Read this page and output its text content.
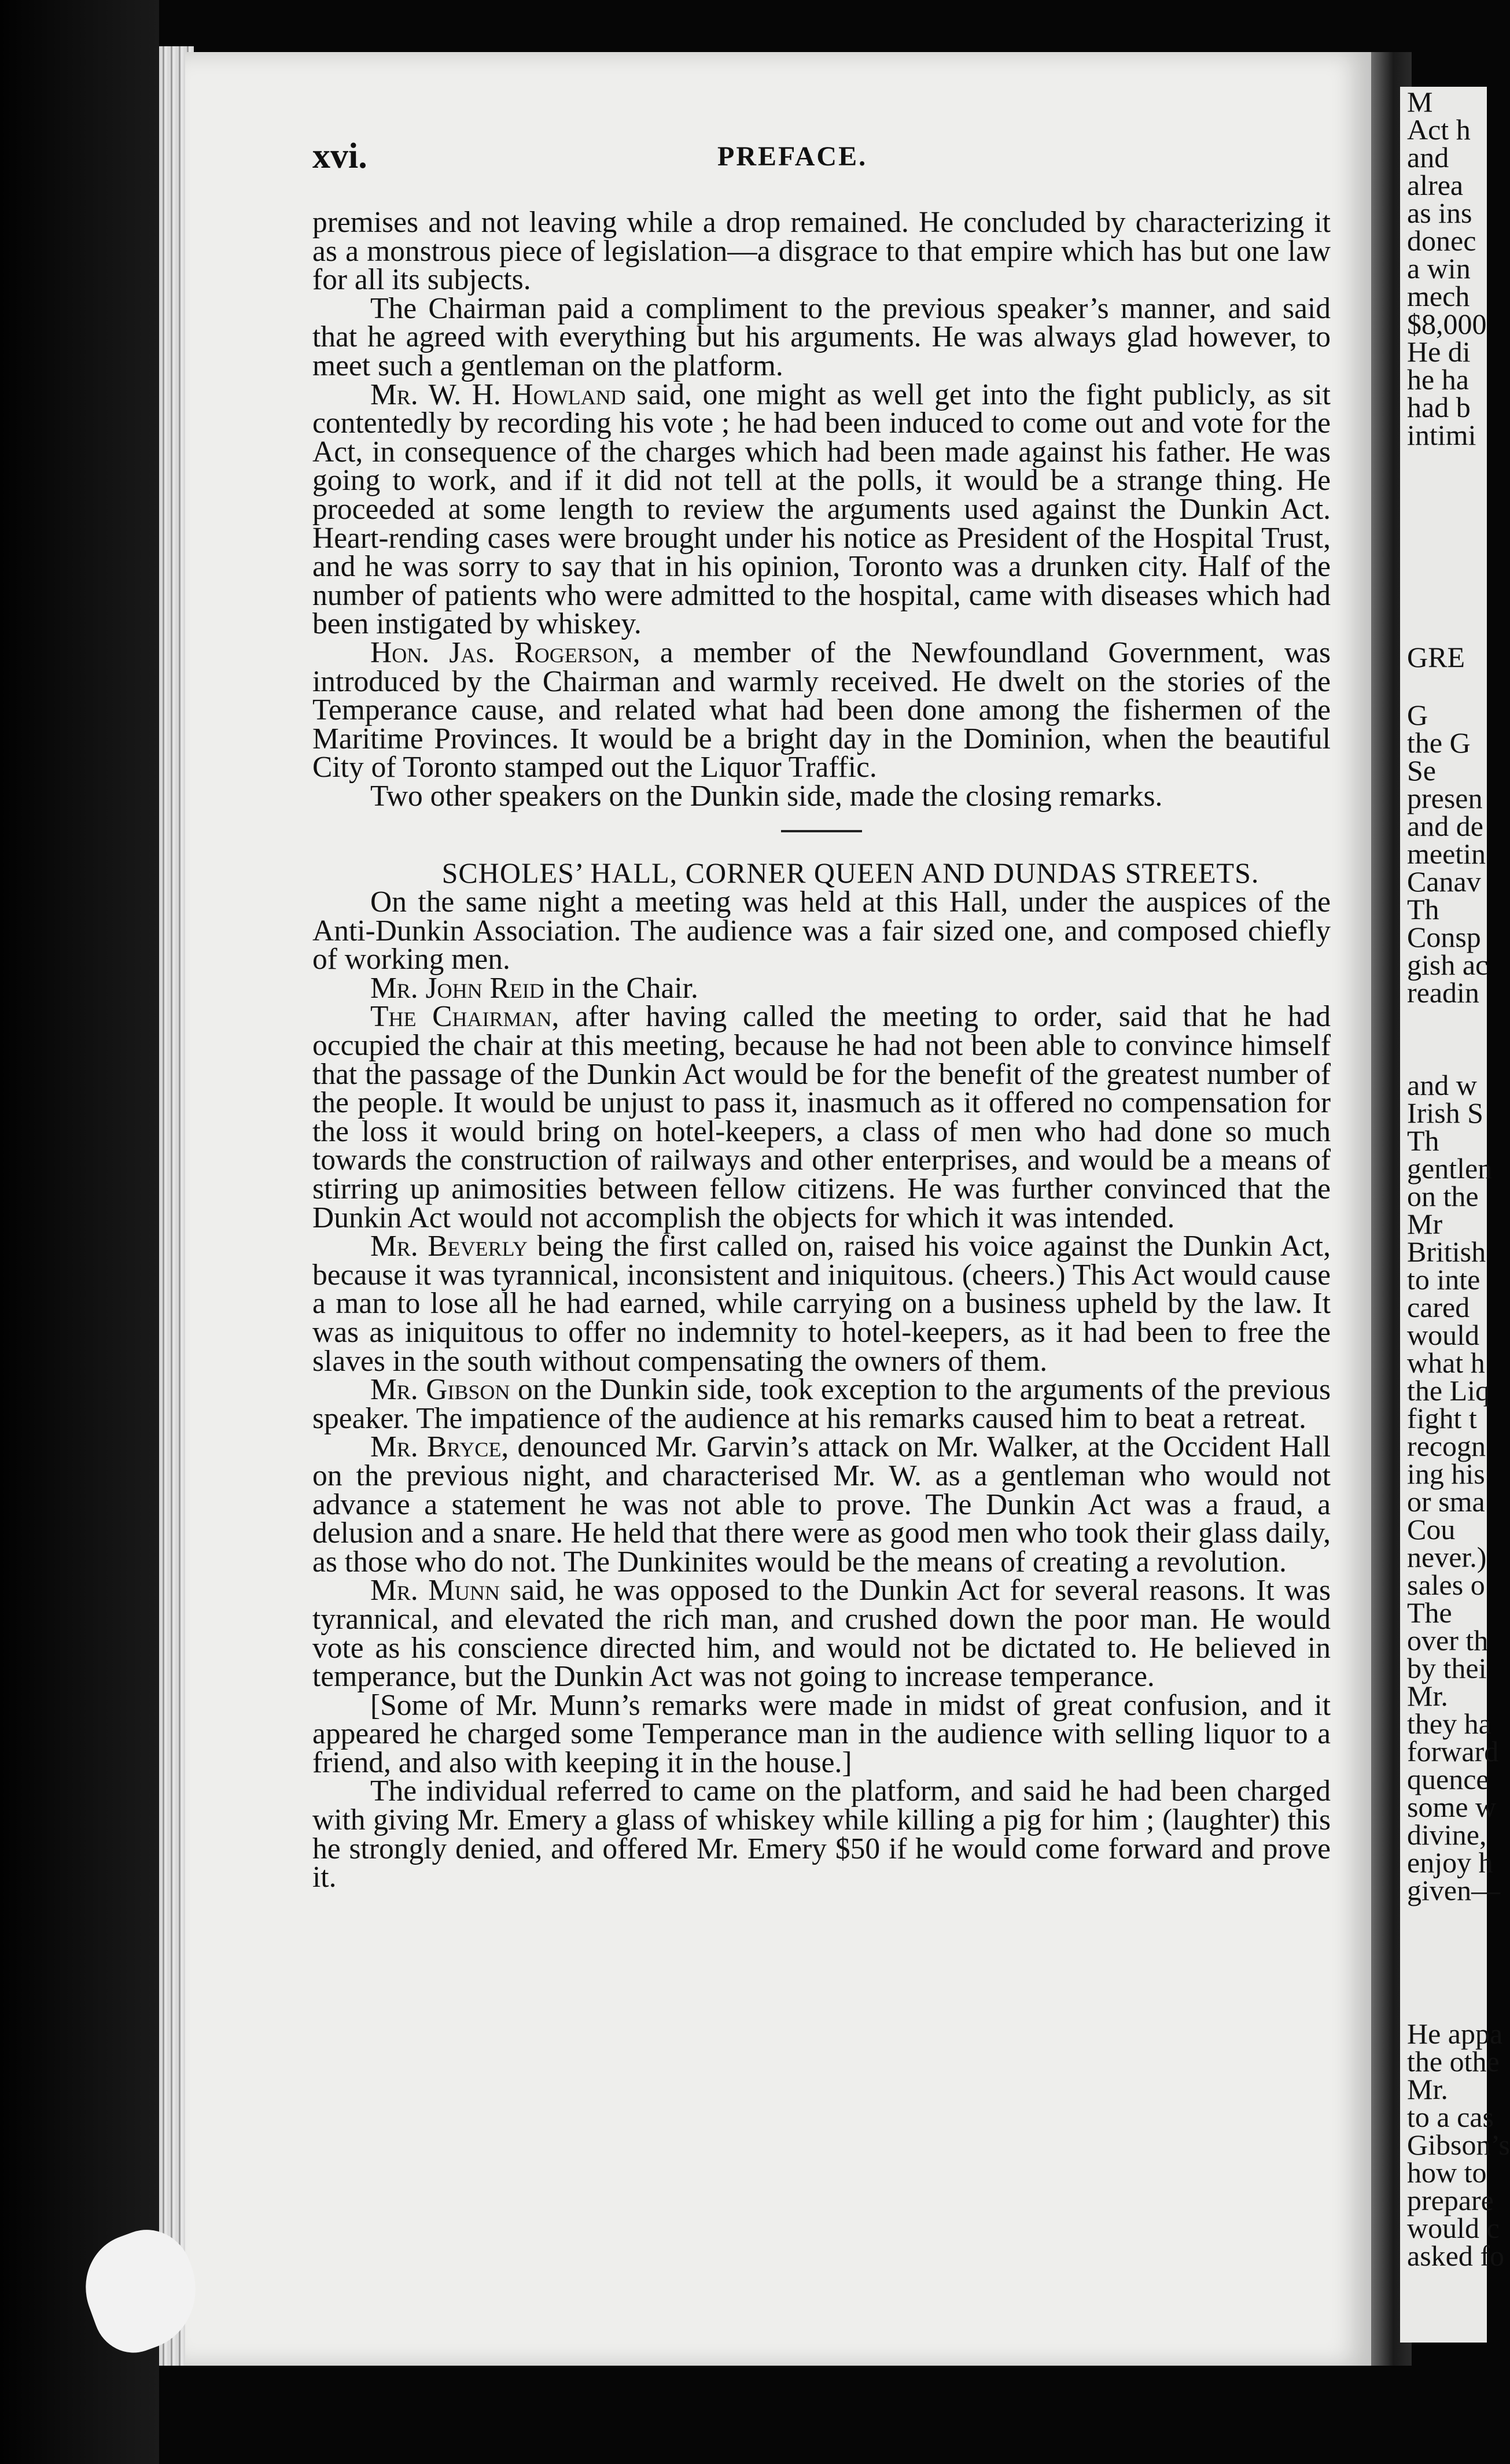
M
Act h
and
alrea
as ins
donec
a win
mech
$8,000
He di
he ha
had b
intimi
GRE
G
the G
Se
presen
and de
meetin
Canav
Th
Consp
gish ac
readin
and w
Irish S
Th
gentlen
on the
Mr
British
to inte
cared
would
what h
the Liq
fight t
recogn
ing his
or sma
Cou
never.)
sales o
The
over th
by thei
Mr.
they ha
forward
quence
some w
divine,
enjoy h
given—
He appa
the othe
Mr.
to a cas
Gibson’s
how to
prepare
would c
asked fo
xvi.	PREFACE.

premises and not leaving while a drop remained. He concluded by characterizing it as a monstrous piece of legislation—a disgrace to that empire which has but one law for all its subjects.

The Chairman paid a compliment to the previous speaker’s manner, and said that he agreed with everything but his arguments. He was always glad however, to meet such a gentleman on the platform.

Mr. W. H. Howland said, one might as well get into the fight publicly, as sit contentedly by recording his vote ; he had been induced to come out and vote for the Act, in consequence of the charges which had been made against his father. He was going to work, and if it did not tell at the polls, it would be a strange thing. He proceeded at some length to review the arguments used against the Dunkin Act. Heart-rending cases were brought under his notice as President of the Hospital Trust, and he was sorry to say that in his opinion, Toronto was a drunken city. Half of the number of patients who were admitted to the hospital, came with diseases which had been instigated by whiskey.

Hon. Jas. Rogerson, a member of the Newfoundland Government, was introduced by the Chairman and warmly received. He dwelt on the stories of the Temperance cause, and related what had been done among the fishermen of the Maritime Provinces. It would be a bright day in the Dominion, when the beautiful City of Toronto stamped out the Liquor Traffic.

Two other speakers on the Dunkin side, made the closing remarks.

SCHOLES’ HALL, CORNER QUEEN AND DUNDAS STREETS.

On the same night a meeting was held at this Hall, under the auspices of the Anti-Dunkin Association. The audience was a fair sized one, and composed chiefly of working men.

Mr. John Reid in the Chair.

The Chairman, after having called the meeting to order, said that he had occupied the chair at this meeting, because he had not been able to convince himself that the passage of the Dunkin Act would be for the benefit of the greatest number of the people. It would be unjust to pass it, inasmuch as it offered no compensation for the loss it would bring on hotel-keepers, a class of men who had done so much towards the construction of railways and other enterprises, and would be a means of stirring up animosities between fellow citizens. He was further convinced that the Dunkin Act would not accomplish the objects for which it was intended.

Mr. Beverly being the first called on, raised his voice against the Dunkin Act, because it was tyrannical, inconsistent and iniquitous. (cheers.) This Act would cause a man to lose all he had earned, while carrying on a business upheld by the law. It was as iniquitous to offer no indemnity to hotel-keepers, as it had been to free the slaves in the south without compensating the owners of them.

Mr. Gibson on the Dunkin side, took exception to the arguments of the previous speaker. The impatience of the audience at his remarks caused him to beat a retreat.

Mr. Bryce, denounced Mr. Garvin’s attack on Mr. Walker, at the Occident Hall on the previous night, and characterised Mr. W. as a gentleman who would not advance a statement he was not able to prove. The Dunkin Act was a fraud, a delusion and a snare. He held that there were as good men who took their glass daily, as those who do not. The Dunkinites would be the means of creating a revolution.

Mr. Munn said, he was opposed to the Dunkin Act for several reasons. It was tyrannical, and elevated the rich man, and crushed down the poor man. He would vote as his conscience directed him, and would not be dictated to. He believed in temperance, but the Dunkin Act was not going to increase temperance.

[Some of Mr. Munn’s remarks were made in midst of great confusion, and it appeared he charged some Temperance man in the audience with selling liquor to a friend, and also with keeping it in the house.]

The individual referred to came on the platform, and said he had been charged with giving Mr. Emery a glass of whiskey while killing a pig for him ; (laughter) this he strongly denied, and offered Mr. Emery $50 if he would come forward and prove it.
